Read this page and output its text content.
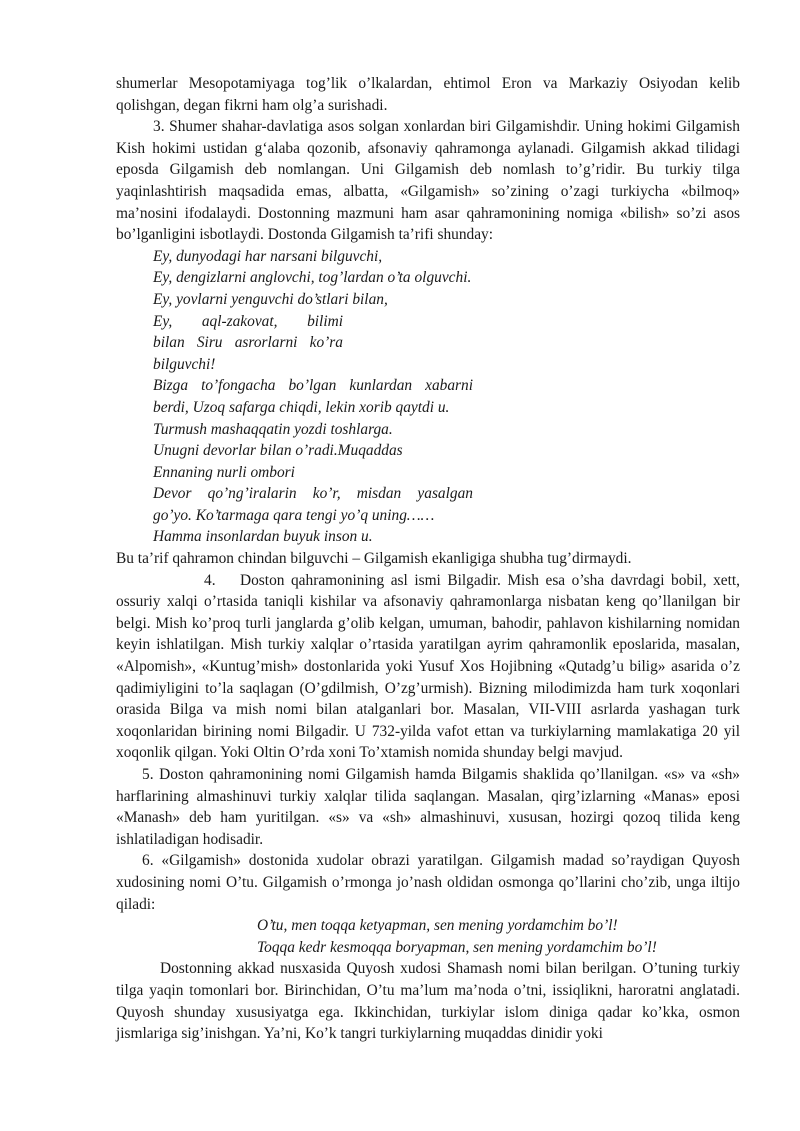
shumerlar Mesopotamiyaga tog’lik o’lkalardan, ehtimol Eron va Markaziy Osiyodan kelib qolishgan, degan fikrni ham olg’a surishadi.

3. Shumer shahar-davlatiga asos solgan xonlardan biri Gilgamishdir. Uning hokimi Gilgamish Kish hokimi ustidan g‘alaba qozonib, afsonaviy qahramonga aylanadi. Gilgamish akkad tilidagi eposda Gilgamish deb nomlangan. Uni Gilgamish deb nomlash to’g’ridir. Bu turkiy tilga yaqinlashtirish maqsadida emas, albatta, «Gilgamish» so’zining o’zagi turkiycha «bilmoq» ma’nosini ifodalaydi. Dostonning mazmuni ham asar qahramonining nomiga «bilish» so’zi asos bo’lganligini isbotlaydi. Dostonda Gilgamish ta’rifi shunday:

Ey, dunyodagi har narsani bilguvchi,
Ey, dengizlarni anglovchi, tog’lardan o’ta olguvchi.
Ey, yovlarni yenguvchi do’stlari bilan,
Ey, aql-zakovat, bilimi
bilan Siru asrorlarni ko’ra
bilguvchi!
Bizga to’fongacha bo’lgan kunlardan xabarni
berdi, Uzoq safarga chiqdi, lekin xorib qaytdi u.
Turmush mashaqqatin yozdi toshlarga.
Unugni devorlar bilan o’radi.Muqaddas
Ennaning nurli ombori
Devor qo’ng’iralarin ko’r, misdan yasalgan
go’yo. Ko’tarmaga qara tengi yo’q uning……
Hamma insonlardan buyuk inson u.

Bu ta’rif qahramon chindan bilguvchi – Gilgamish ekanligiga shubha tug’dirmaydi.

4. Doston qahramonining asl ismi Bilgadir. Mish esa o’sha davrdagi bobil, xett, ossuriy xalqi o’rtasida taniqli kishilar va afsonaviy qahramonlarga nisbatan keng qo’llanilgan bir belgi. Mish ko’proq turli janglarda g’olib kelgan, umuman, bahodir, pahlavon kishilarning nomidan keyin ishlatilgan. Mish turkiy xalqlar o’rtasida yaratilgan ayrim qahramonlik eposlarida, masalan, «Alpomish», «Kuntug’mish» dostonlarida yoki Yusuf Xos Hojibning «Qutadg’u bilig» asarida o’z qadimiyligini to’la saqlagan (O’gdilmish, O’zg’urmish). Bizning milodimizda ham turk xoqonlari orasida Bilga va mish nomi bilan atalganlari bor. Masalan, VII-VIII asrlarda yashagan turk xoqonlaridan birining nomi Bilgadir. U 732-yilda vafot ettan va turkiylarning mamlakatiga 20 yil xoqonlik qilgan. Yoki Oltin O’rda xoni To’xtamish nomida shunday belgi mavjud.

5. Doston qahramonining nomi Gilgamish hamda Bilgamis shaklida qo’llanilgan. «s» va «sh» harflarining almashinuvi turkiy xalqlar tilida saqlangan. Masalan, qirg’izlarning «Manas» eposi «Manash» deb ham yuritilgan. «s» va «sh» almashinuvi, xususan, hozirgi qozoq tilida keng ishlatiladigan hodisadir.

6. «Gilgamish» dostonida xudolar obrazi yaratilgan. Gilgamish madad so’raydigan Quyosh xudosining nomi O’tu. Gilgamish o’rmonga jo’nash oldidan osmonga qo’llarini cho’zib, unga iltijo qiladi:

O’tu, men toqqa ketyapman, sen mening yordamchim bo’l!
Toqqa kedr kesmoqqa boryapman, sen mening yordamchim bo’l!

Dostonning akkad nusxasida Quyosh xudosi Shamash nomi bilan berilgan. O’tuning turkiy tilga yaqin tomonlari bor. Birinchidan, O’tu ma’lum ma’noda o’tni, issiqlikni, haroratni anglatadi. Quyosh shunday xususiyatga ega. Ikkinchidan, turkiylar islom diniga qadar ko’kka, osmon jismlariga sig’inishgan. Ya’ni, Ko’k tangri turkiylarning muqaddas dinidir yoki
